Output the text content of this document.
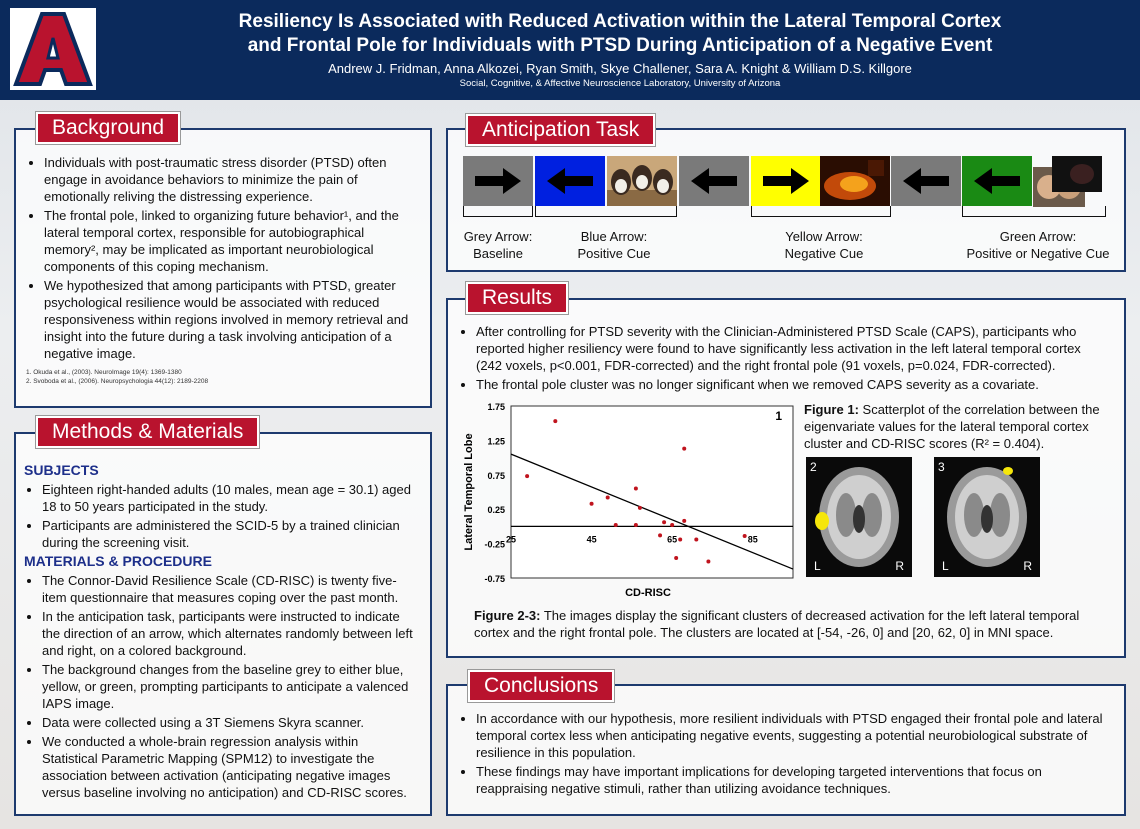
Resiliency Is Associated with Reduced Activation within the Lateral Temporal Cortex
and Frontal Pole for Individuals with PTSD During Anticipation of a Negative Event
Andrew J. Fridman, Anna Alkozei, Ryan Smith, Skye Challener, Sara A. Knight & William D.S. Killgore
Social, Cognitive, & Affective Neuroscience Laboratory, University of Arizona
• Individuals with post-traumatic stress disorder (PTSD) often engage in avoidance behaviors to minimize the pain of emotionally reliving the distressing experience.
• The frontal pole, linked to organizing future behavior¹, and the lateral temporal cortex, responsible for autobiographical memory², may be implicated as important neurobiological components of this coping mechanism.
• We hypothesized that among participants with PTSD, greater psychological resilience would be associated with reduced responsiveness within regions involved in memory retrieval and insight into the future during a task involving anticipation of a negative image.
1. Okuda et al., (2003). NeuroImage 19(4): 1369-1380
2. Svoboda et al., (2006). Neuropsychologia 44(12): 2189-2208
Background
SUBJECTS
• Eighteen right-handed adults (10 males, mean age = 30.1) aged 18 to 50 years participated in the study.
• Participants are administered the SCID-5 by a trained clinician during the screening visit.
MATERIALS & PROCEDURE
• The Connor-David Resilience Scale (CD-RISC) is twenty five-item questionnaire that measures coping over the past month.
• In the anticipation task, participants were instructed to indicate the direction of an arrow, which alternates randomly between left and right, on a colored background.
• The background changes from the baseline grey to either blue, yellow, or green, prompting participants to anticipate a valenced IAPS image.
• Data were collected using a 3T Siemens Skyra scanner.
• We conducted a whole-brain regression analysis within Statistical Parametric Mapping (SPM12) to investigate the association between activation (anticipating negative images versus baseline involving no anticipation) and CD-RISC scores.
Methods & Materials
Anticipation Task
Grey Arrow:
Baseline
Blue Arrow:
Positive Cue
Yellow Arrow:
Negative Cue
Green Arrow:
Positive or Negative Cue
Results
• After controlling for PTSD severity with the Clinician-Administered PTSD Scale (CAPS), participants who reported higher resiliency were found to have significantly less activation in the left lateral temporal cortex (242 voxels, p<0.001, FDR-corrected) and the right frontal pole (91 voxels, p=0.024, FDR-corrected).
• The frontal pole cluster was no longer significant when we removed CAPS severity as a covariate.
1.75
1.25
0.75
0.25
-0.25
-0.75
25	45	65	85
1
Lateral Temporal Lobe
CD-RISC
Figure 1: Scatterplot of the correlation between the eigenvariate values for the lateral temporal cortex cluster and CD-RISC scores (R² = 0.404).
2
L	R
3
L	R
Figure 2-3: The images display the significant clusters of decreased activation for the left lateral temporal cortex and the right frontal pole. The clusters are located at [-54, -26, 0] and [20, 62, 0] in MNI space.
Conclusions
• In accordance with our hypothesis, more resilient individuals with PTSD engaged their frontal pole and lateral temporal cortex less when anticipating negative events, suggesting a potential neurobiological substrate of resilience in this population.
• These findings may have important implications for developing targeted interventions that focus on reappraising negative stimuli, rather than utilizing avoidance techniques.
